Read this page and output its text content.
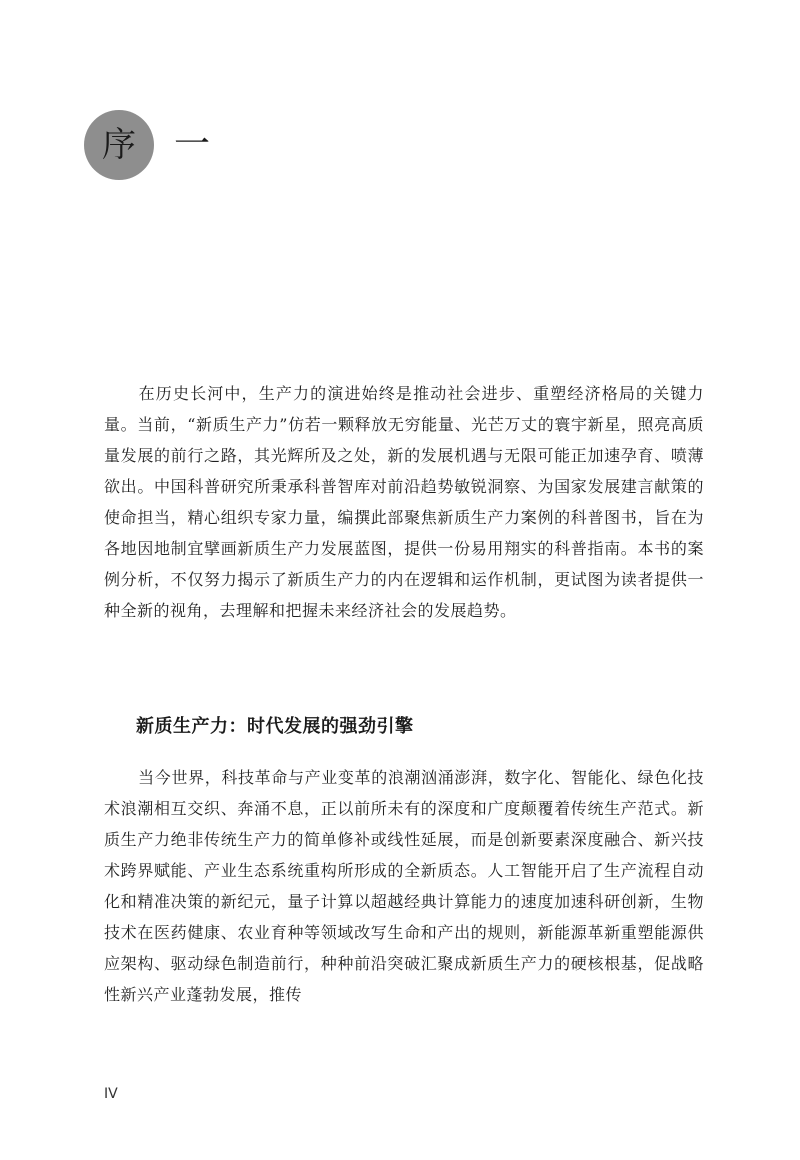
序 一

在历史长河中，生产力的演进始终是推动社会进步、重塑经济格局的关键力量。当前，“新质生产力”仿若一颗释放无穷能量、光芒万丈的寰宇新星，照亮高质量发展的前行之路，其光辉所及之处，新的发展机遇与无限可能正加速孕育、喷薄欲出。中国科普研究所秉承科普智库对前沿趋势敏锐洞察、为国家发展建言献策的使命担当，精心组织专家力量，编撰此部聚焦新质生产力案例的科普图书，旨在为各地因地制宜擘画新质生产力发展蓝图，提供一份易用翔实的科普指南。本书的案例分析，不仅努力揭示了新质生产力的内在逻辑和运作机制，更试图为读者提供一种全新的视角，去理解和把握未来经济社会的发展趋势。

新质生产力：时代发展的强劲引擎

当今世界，科技革命与产业变革的浪潮汹涌澎湃，数字化、智能化、绿色化技术浪潮相互交织、奔涌不息，正以前所未有的深度和广度颠覆着传统生产范式。新质生产力绝非传统生产力的简单修补或线性延展，而是创新要素深度融合、新兴技术跨界赋能、产业生态系统重构所形成的全新质态。人工智能开启了生产流程自动化和精准决策的新纪元，量子计算以超越经典计算能力的速度加速科研创新，生物技术在医药健康、农业育种等领域改写生命和产出的规则，新能源革新重塑能源供应架构、驱动绿色制造前行，种种前沿突破汇聚成新质生产力的硬核根基，促战略性新兴产业蓬勃发展，推传

IV
